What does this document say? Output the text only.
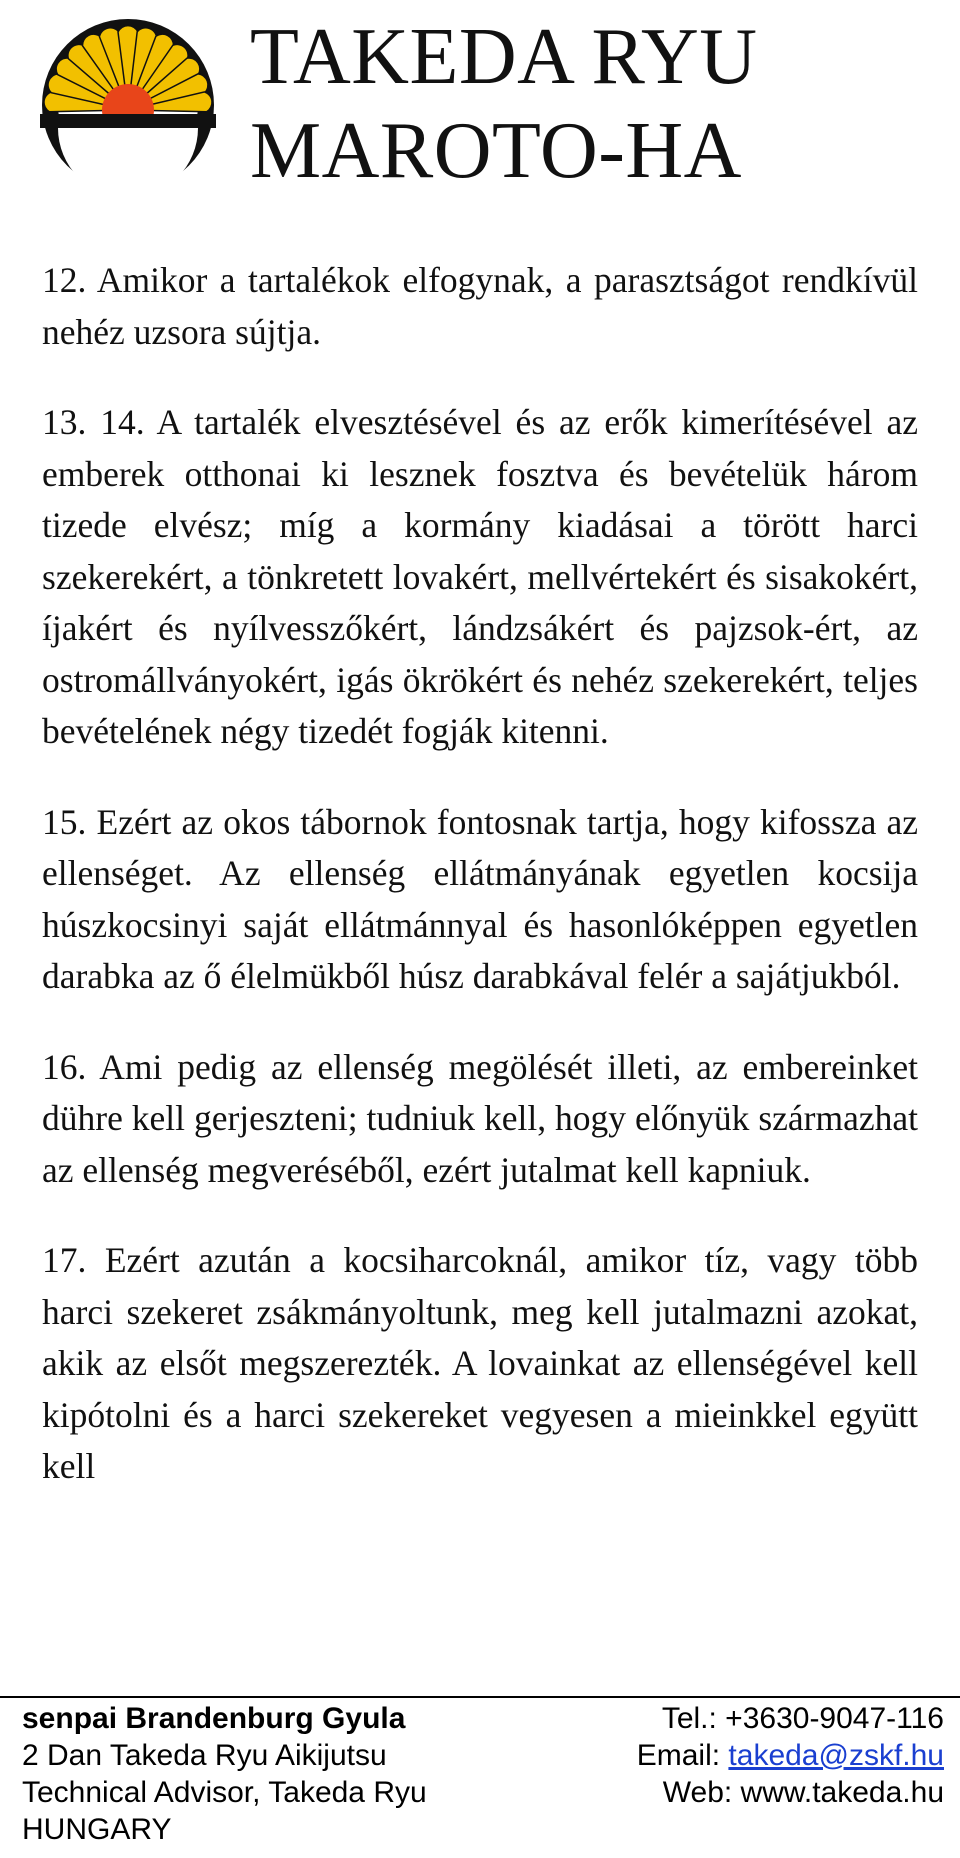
TAKEDA RYU
MAROTO-HA

12. Amikor a tartalékok elfogynak, a parasztságot rendkívül nehéz uzsora sújtja.

13. 14. A tartalék elvesztésével és az erők kimerítésével az emberek otthonai ki lesznek fosztva és bevételük három tizede elvész; míg a kormány kiadásai a törött harci szekerekért, a tönkretett lovakért, mellvértekért és sisakokért, íjakért és nyílvesszőkért, lándzsákért és pajzsok-ért, az ostromállványokért, igás ökrökért és nehéz szekerekért, teljes bevételének négy tizedét fogják kitenni.

15. Ezért az okos tábornok fontosnak tartja, hogy kifossza az ellenséget. Az ellenség ellátmányának egyetlen kocsija húszkocsinyi saját ellátmánnyal és hasonlóképpen egyetlen darabka az ő élelmükből húsz darabkával felér a sajátjukból.

16. Ami pedig az ellenség megölését illeti, az embereinket dühre kell gerjeszteni; tudniuk kell, hogy előnyük származhat az ellenség megveréséből, ezért jutalmat kell kapniuk.

17. Ezért azután a kocsiharcoknál, amikor tíz, vagy több harci szekeret zsákmányoltunk, meg kell jutalmazni azokat, akik az elsőt megszerezték. A lovainkat az ellenségével kell kipótolni és a harci szekereket vegyesen a mieinkkel együtt kell

senpai Brandenburg Gyula
2 Dan Takeda Ryu Aikijutsu
Technical Advisor, Takeda Ryu
HUNGARY
Tel.: +3630-9047-116
Email: takeda@zskf.hu
Web: www.takeda.hu
